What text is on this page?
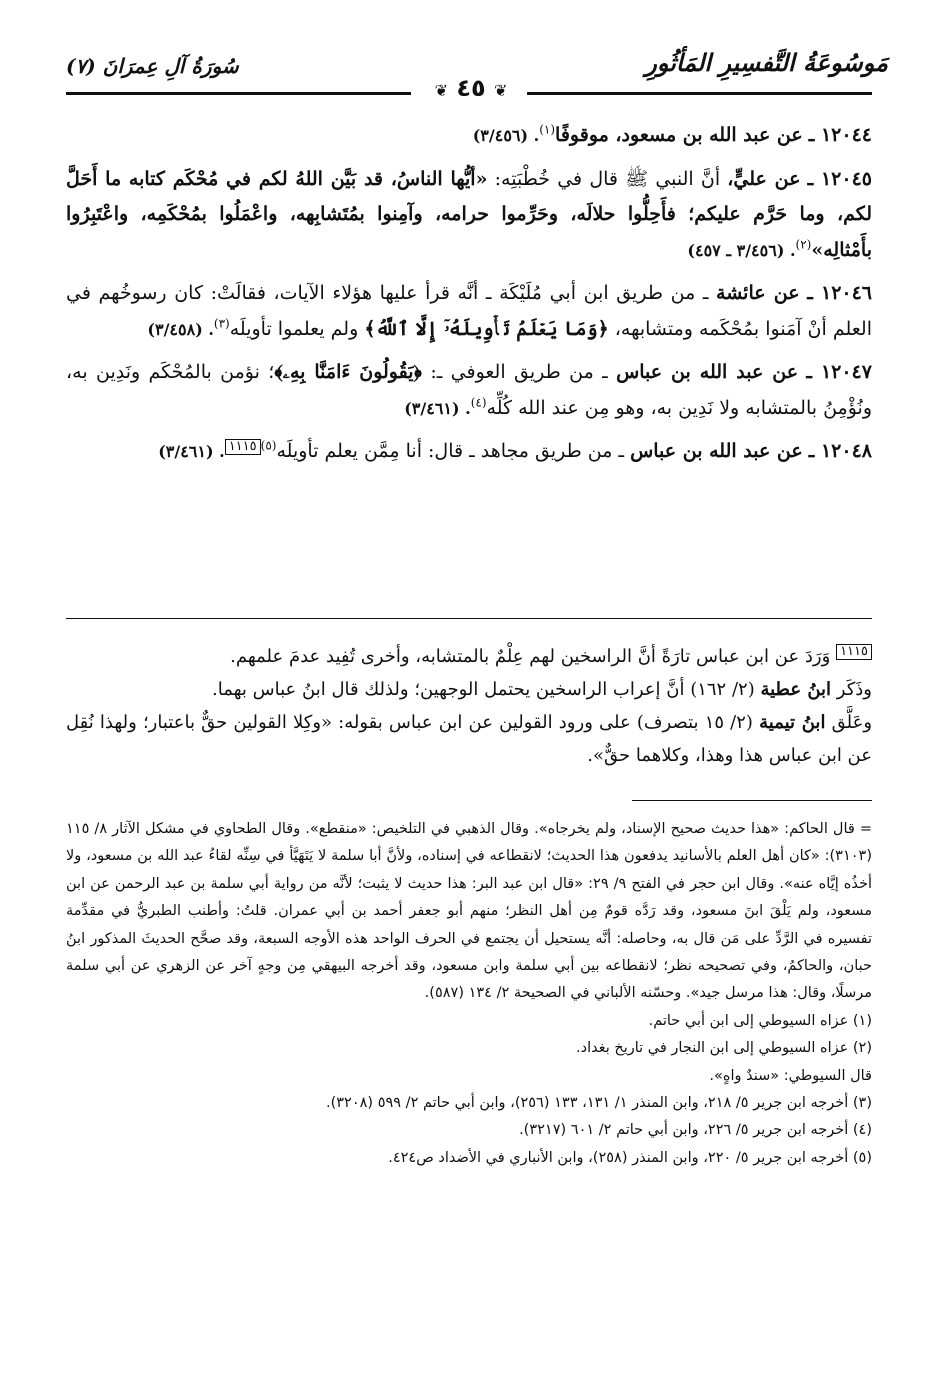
مَوسُوعَةُ التَّفسِيرِ المَأثُورِ
سُورَةُ آلِ عِمرَانَ (٧)
❦ ٤٥ ❦

١٢٠٤٤ ـ عن عبد الله بن مسعود، موقوفًا$^{(١)}$. (٣/٤٥٦)

١٢٠٤٥ ـ عن عليٍّ، أنَّ النبي ﷺ قال في خُطْبَتِه: «أيُّها الناسُ، قد بَيَّن اللهُ لكم في مُحْكَم كتابه ما أَحَلَّ لكم، وما حَرَّم عليكم؛ فأَحِلُّوا حلالَه، وحَرِّموا حرامه، وآمِنوا بمُتَشابِهه، واعْمَلُوا بمُحْكَمِه، واعْتَبِرُوا بأَمْثالِه»$^{(٢)}$. (٣/٤٥٦ ـ ٤٥٧)

١٢٠٤٦ ـ عن عائشة ـ من طريق ابن أبي مُلَيْكَة ـ أنَّه قرأ عليها هؤلاء الآيات، فقالَتْ: كان رسوخُهم في العلم أنْ آمَنوا بمُحْكَمه ومتشابهه، ﴿وَمَا يَعۡلَمُ تَأۡوِيلَهُۥٓ إِلَّا ٱللَّهُ﴾ ولم يعلموا تأويلَه$^{(٣)}$. (٣/٤٥٨)

١٢٠٤٧ ـ عن عبد الله بن عباس ـ من طريق العوفي ـ: ﴿يَقُولُونَ ءَامَنَّا بِهِۦ﴾؛ نؤمن بالمُحْكَم ونَدِين به، ونُؤْمِنُ بالمتشابه ولا نَدِين به، وهو مِن عند الله كُلِّه$^{(٤)}$. (٣/٤٦١)

١٢٠٤٨ ـ عن عبد الله بن عباس ـ من طريق مجاهد ـ قال: أنا مِمَّن يعلم تأويلَه$^{(٥)}$١١١٥. (٣/٤٦١)

١١١٥ وَرَدَ عن ابن عباس تارَةً أنَّ الراسخين لهم عِلْمٌ بالمتشابه، وأخرى تُفِيد عدمَ علمهم.
وذَكَر ابنُ عطية (٢/ ١٦٢) أنَّ إعراب الراسخين يحتمل الوجهين؛ ولذلك قال ابنُ عباس بهما.
وعَلَّق ابنُ تيمية (٢/ ١٥ بتصرف) على ورود القولين عن ابن عباس بقوله: «وكِلا القولين حقٌّ باعتبار؛ ولهذا نُقِل عن ابن عباس هذا وهذا، وكلاهما حقٌّ».

= قال الحاكم: «هذا حديث صحيح الإسناد، ولم يخرجاه». وقال الذهبي في التلخيص: «منقطع». وقال الطحاوي في مشكل الآثار ٨/ ١١٥ (٣١٠٣): «كان أهل العلم بالأسانيد يدفعون هذا الحديث؛ لانقطاعه في إسناده، ولأنَّ أبا سلمة لا يَتَهَيَّأ في سِنِّه لقاءُ عبد الله بن مسعود، ولا أخذُه إيَّاه عنه». وقال ابن حجر في الفتح ٩/ ٢٩: «قال ابن عبد البر: هذا حديث لا يثبت؛ لأنَّه من رواية أبي سلمة بن عبد الرحمن عن ابن مسعود، ولم يَلْقَ ابنَ مسعود، وقد رَدَّه قومٌ مِن أهل النظر؛ منهم أبو جعفر أحمد بن أبي عمران. قلتُ: وأطنب الطبريُّ في مقدِّمة تفسيره في الرَّدِّ على مَن قال به، وحاصله: أنَّه يستحيل أن يجتمع في الحرف الواحد هذه الأوجه السبعة، وقد صحَّح الحديثَ المذكور ابنُ حبان، والحاكمُ، وفي تصحيحه نظر؛ لانقطاعه بين أبي سلمة وابن مسعود، وقد أخرجه البيهقي مِن وجهٍ آخر عن الزهري عن أبي سلمة مرسلًا، وقال: هذا مرسل جيد». وحسّنه الألباني في الصحيحة ٢/ ١٣٤ (٥٨٧).

(١) عزاه السيوطي إلى ابن أبي حاتم.

(٢) عزاه السيوطي إلى ابن النجار في تاريخ بغداد.

قال السيوطي: «سندٌ واهٍ».

(٣) أخرجه ابن جرير ٥/ ٢١٨، وابن المنذر ١/ ١٣١، ١٣٣ (٢٥٦)، وابن أبي حاتم ٢/ ٥٩٩ (٣٢٠٨).

(٤) أخرجه ابن جرير ٥/ ٢٢٦، وابن أبي حاتم ٢/ ٦٠١ (٣٢١٧).

(٥) أخرجه ابن جرير ٥/ ٢٢٠، وابن المنذر (٢٥٨)، وابن الأنباري في الأضداد ص٤٢٤.
